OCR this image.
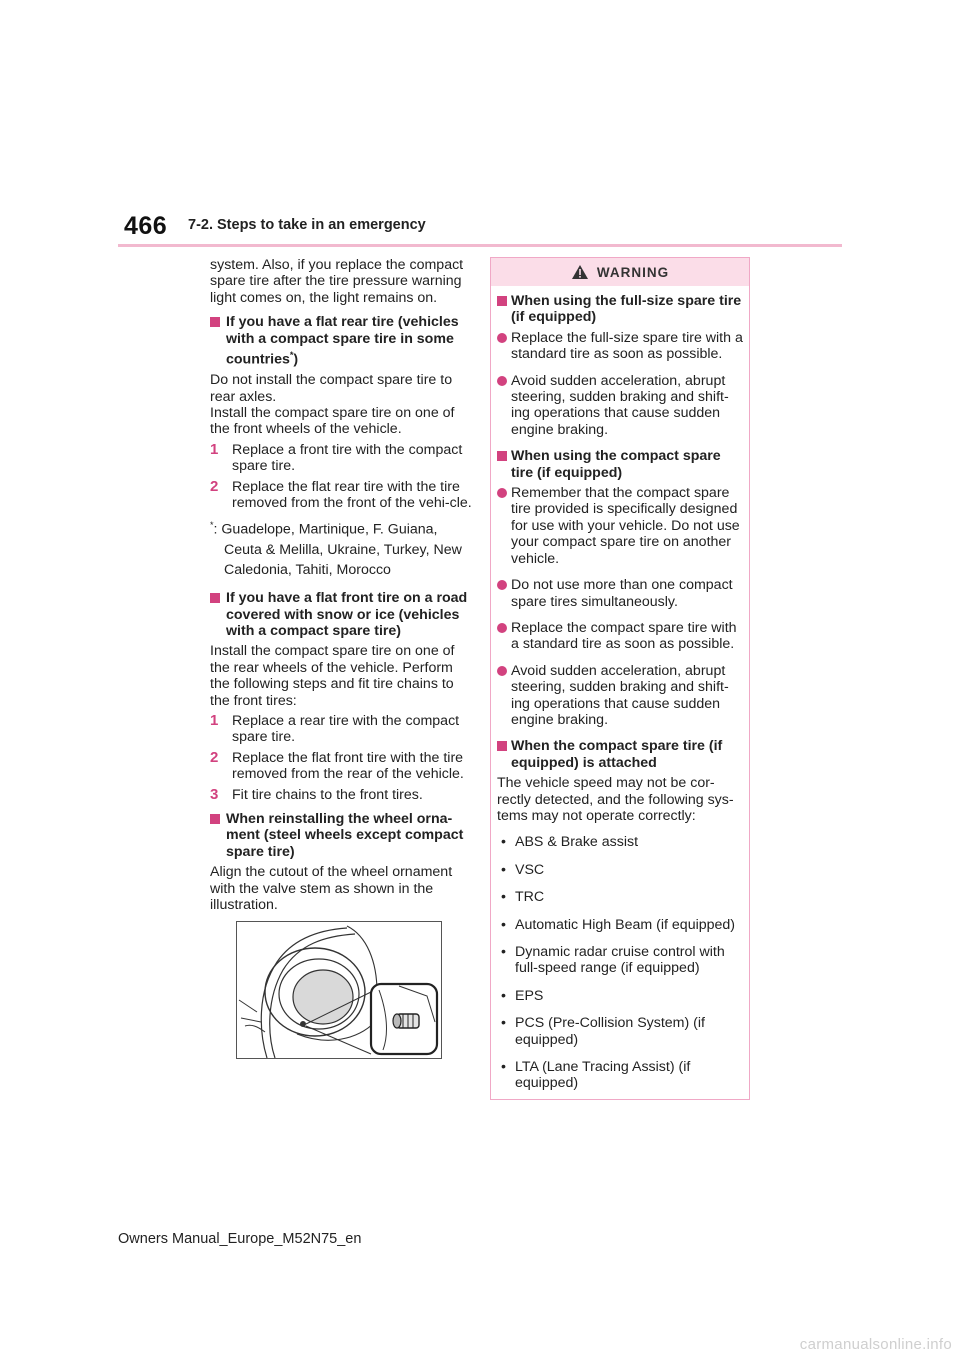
466 7-2. Steps to take in an emergency

system. Also, if you replace the compact spare tire after the tire pressure warning light comes on, the light remains on.

If you have a flat rear tire (vehicles with a compact spare tire in some countries*)

Do not install the compact spare tire to rear axles.

Install the compact spare tire on one of the front wheels of the vehicle.

1 Replace a front tire with the compact spare tire.
2 Replace the flat rear tire with the tire removed from the front of the vehi-cle.
*: Guadelope, Martinique, F. Guiana,
Ceuta & Melilla, Ukraine, Turkey, New
Caledonia, Tahiti, Morocco
If you have a flat front tire on a road covered with snow or ice (vehicles with a compact spare tire)

Install the compact spare tire on one of the rear wheels of the vehicle. Perform the following steps and fit tire chains to the front tires:

1 Replace a rear tire with the compact spare tire.
2 Replace the flat front tire with the tire removed from the rear of the vehicle.
3 Fit tire chains to the front tires.
When reinstalling the wheel orna-ment (steel wheels except compact spare tire)

Align the cutout of the wheel ornament with the valve stem as shown in the illustration.

WARNING
When using the full-size spare tire (if equipped)
Replace the full-size spare tire with a standard tire as soon as possible.
Avoid sudden acceleration, abrupt steering, sudden braking and shift-ing operations that cause sudden engine braking.
When using the compact spare tire (if equipped)
Remember that the compact spare tire provided is specifically designed for use with your vehicle. Do not use your compact spare tire on another vehicle.
Do not use more than one compact spare tires simultaneously.
Replace the compact spare tire with a standard tire as soon as possible.
Avoid sudden acceleration, abrupt steering, sudden braking and shift-ing operations that cause sudden engine braking.
When the compact spare tire (if equipped) is attached

The vehicle speed may not be cor-rectly detected, and the following sys-tems may not operate correctly:

• ABS & Brake assist
• VSC
• TRC
• Automatic High Beam (if equipped)
• Dynamic radar cruise control with full-speed range (if equipped)
• EPS
• PCS (Pre-Collision System) (if equipped)
• LTA (Lane Tracing Assist) (if equipped)
Owners Manual_Europe_M52N75_en
carmanualsonline.info
